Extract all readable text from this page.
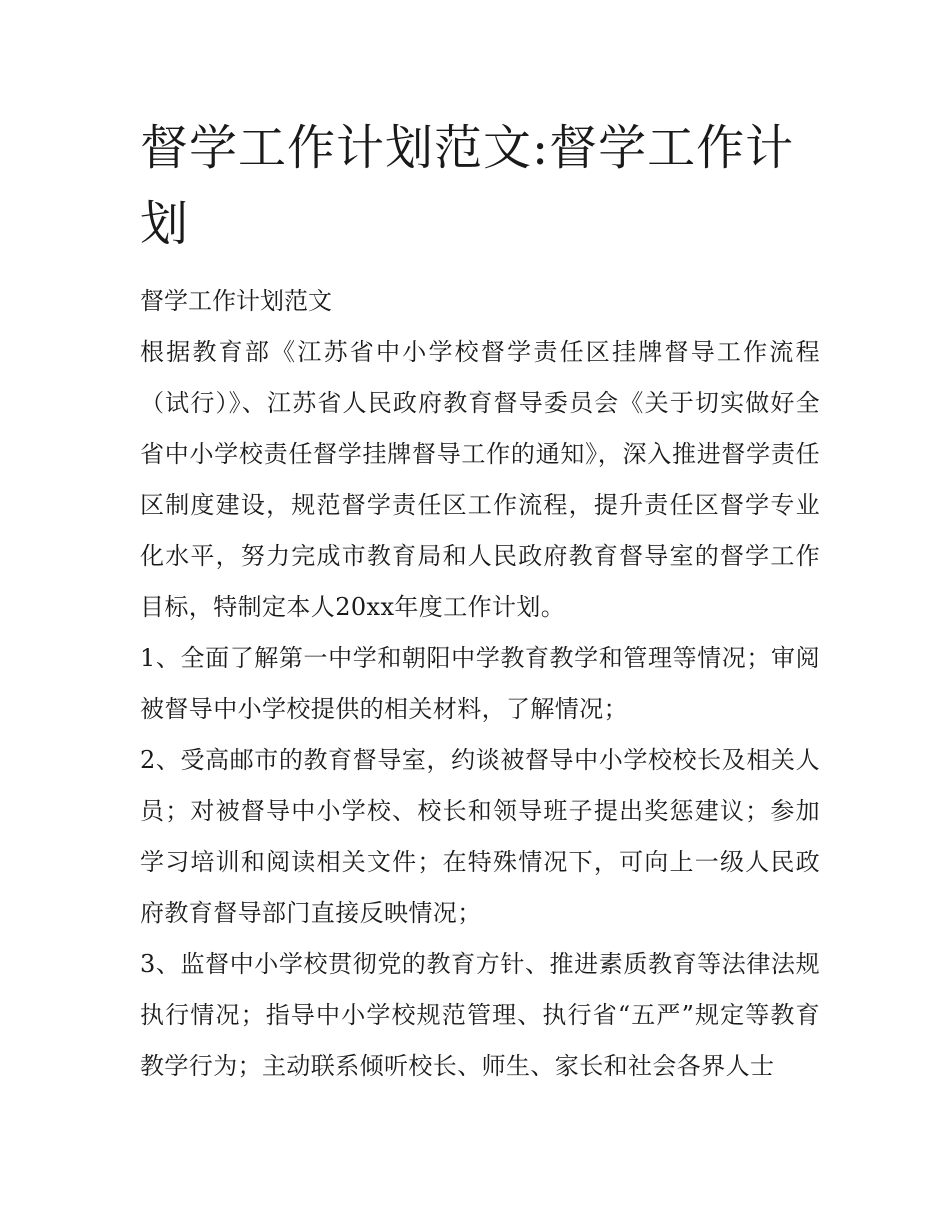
督学工作计划范文:督学工作计划

督学工作计划范文

根据教育部《江苏省中小学校督学责任区挂牌督导工作流程（试行）》、江苏省人民政府教育督导委员会《关于切实做好全省中小学校责任督学挂牌督导工作的通知》，深入推进督学责任区制度建设，规范督学责任区工作流程，提升责任区督学专业化水平，努力完成市教育局和人民政府教育督导室的督学工作目标，特制定本人20xx年度工作计划。

1、全面了解第一中学和朝阳中学教育教学和管理等情况；审阅被督导中小学校提供的相关材料，了解情况；

2、受高邮市的教育督导室，约谈被督导中小学校校长及相关人员；对被督导中小学校、校长和领导班子提出奖惩建议；参加学习培训和阅读相关文件；在特殊情况下，可向上一级人民政府教育督导部门直接反映情况；

3、监督中小学校贯彻党的教育方针、推进素质教育等法律法规执行情况；指导中小学校规范管理、执行省“五严”规定等教育教学行为；主动联系倾听校长、师生、家长和社会各界人士
